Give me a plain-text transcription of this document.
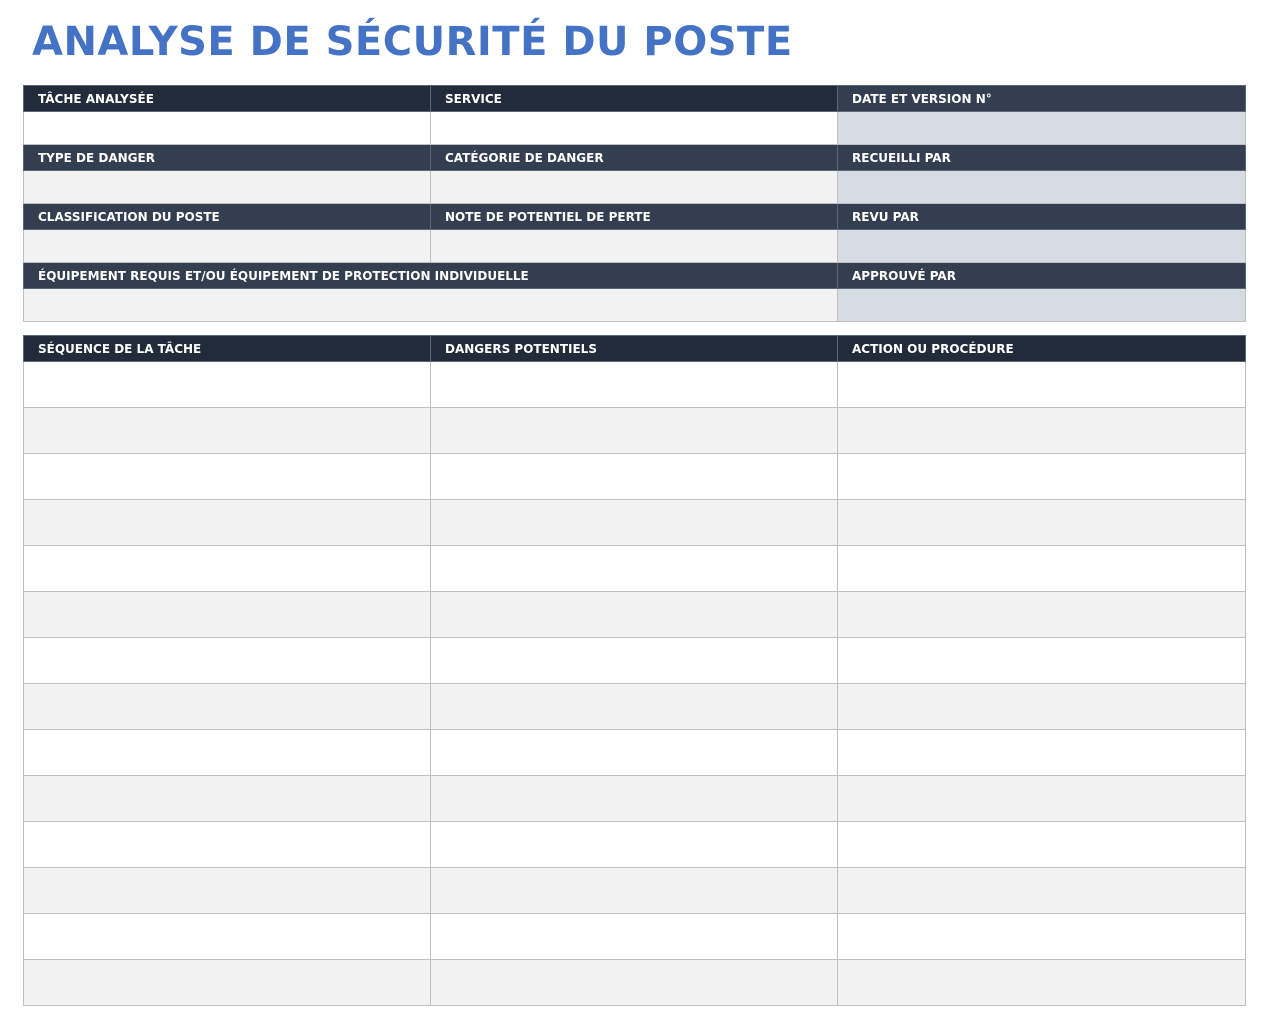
ANALYSE DE SÉCURITÉ DU POSTE
TÂCHE ANALYSÉE	SERVICE	DATE ET VERSION N°

TYPE DE DANGER	CATÉGORIE DE DANGER	RECUEILLI PAR

CLASSIFICATION DU POSTE	NOTE DE POTENTIEL DE PERTE	REVU PAR

ÉQUIPEMENT REQUIS ET/OU ÉQUIPEMENT DE PROTECTION INDIVIDUELLE		APPROUVÉ PAR

SÉQUENCE DE LA TÂCHE	DANGERS POTENTIELS	ACTION OU PROCÉDURE
